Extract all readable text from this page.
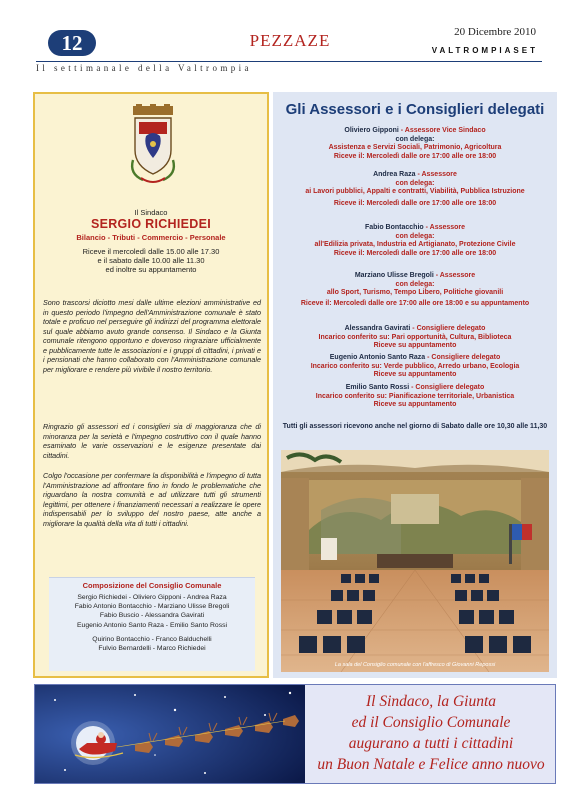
12	PEZZAZE	20 Dicembre 2010
VALTROMPIASET
Il settimanale della Valtrompia
Il Sindaco
SERGIO RICHIEDEI
Bilancio - Tributi - Commercio - Personale
Riceve il mercoledì dalle 15.00 alle 17.30
e il sabato dalle 10.00 alle 11.30
ed inoltre su appuntamento
Sono trascorsi diciotto mesi dalle ultime elezioni amministrative ed in questo periodo l'impegno dell'Amministrazione comunale è stato totale e proficuo nel perseguire gli indirizzi del programma elettorale sul quale abbiamo avuto grande consenso. Il Sindaco e la Giunta comunale ritengono opportuno e doveroso ringraziare ufficialmente e pubblicamente tutte le associazioni e i gruppi di cittadini, i privati e i pensionati che hanno collaborato con l'Amministrazione comunale per migliorare e rendere più vivibile il nostro territorio.
Ringrazio gli assessori ed i consiglieri sia di maggioranza che di minoranza per la serietà e l'impegno costruttivo con il quale hanno esaminato le varie osservazioni e le esigenze presentate dai cittadini.
Colgo l'occasione per confermare la disponibilità e l'impegno di tutta l'Amministrazione ad affrontare fino in fondo le problematiche che riguardano la nostra comunità e ad utilizzare tutti gli strumenti legittimi, per ottenere i finanziamenti necessari a realizzare le opere indispensabili per lo sviluppo del nostro paese, atte anche a migliorare la qualità della vita di tutti i cittadini.
Composizione del Consiglio Comunale
Sergio Richiedei - Oliviero Gipponi - Andrea Raza
Fabio Antonio Bontacchio - Marziano Ulisse Bregoli
Fabio Buscio - Alessandra Gavirati
Eugenio Antonio Santo Raza - Emilio Santo Rossi
Quirino Bontacchio - Franco Balduchelli
Fulvio Bernardelli - Marco Richiedei
Gli Assessori e i Consiglieri delegati
Oliviero Gipponi - Assessore Vice Sindaco
con delega:
Assistenza e Servizi Sociali, Patrimonio, Agricoltura
Riceve il: Mercoledì dalle ore 17:00 alle ore 18:00
Andrea Raza - Assessore
con delega:
ai Lavori pubblici, Appalti e contratti, Viabilità, Pubblica Istruzione
Riceve il: Mercoledì dalle ore 17:00 alle ore 18:00
Fabio Bontacchio - Assessore
con delega:
all'Edilizia privata, Industria ed Artigianato, Protezione Civile
Riceve il: Mercoledì dalle ore 17:00 alle ore 18:00
Marziano Ulisse Bregoli - Assessore
con delega:
allo Sport, Turismo, Tempo Libero, Politiche giovanili
Riceve il: Mercoledì dalle ore 17:00 alle ore 18:00 e su appuntamento
Alessandra Gavirati - Consigliere delegato
Incarico conferito su: Pari opportunità, Cultura, Biblioteca
Riceve su appuntamento
Eugenio Antonio Santo Raza - Consigliere delegato
Incarico conferito su: Verde pubblico, Arredo urbano, Ecologia
Riceve su appuntamento
Emilio Santo Rossi - Consigliere delegato
Incarico conferito su: Pianificazione territoriale, Urbanistica
Riceve su appuntamento
Tutti gli assessori ricevono anche nel giorno di Sabato dalle ore 10,30 alle 11,30
La sala del Consiglio comunale con l'affresco di Giovanni Repossi
Il Sindaco, la Giunta
ed il Consiglio Comunale
augurano a tutti i cittadini
un Buon Natale e Felice anno nuovo
